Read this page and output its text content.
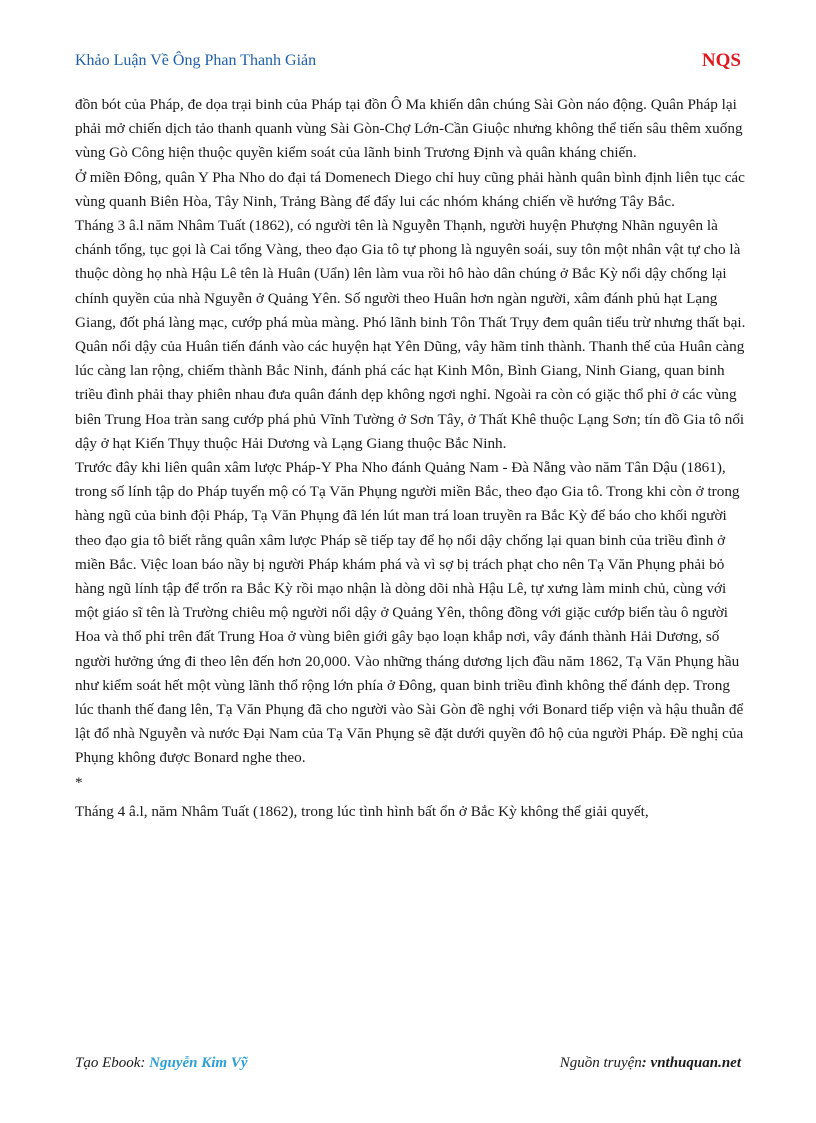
Khảo Luận Về Ông Phan Thanh Giản	NQS

đồn bót của Pháp, đe dọa trại binh của Pháp tại đồn Ô Ma khiến dân chúng Sài Gòn náo động. Quân Pháp lại phải mở chiến dịch tảo thanh quanh vùng Sài Gòn-Chợ Lớn-Cần Giuộc nhưng không thể tiến sâu thêm xuống vùng Gò Công hiện thuộc quyền kiểm soát của lãnh binh Trương Định và quân kháng chiến.

Ở miền Đông, quân Y Pha Nho do đại tá Domenech Diego chỉ huy cũng phải hành quân bình định liên tục các vùng quanh Biên Hòa, Tây Ninh, Trảng Bàng để đẩy lui các nhóm kháng chiến về hướng Tây Bắc.

Tháng 3 â.l năm Nhâm Tuất (1862), có người tên là Nguyễn Thạnh, người huyện Phượng Nhãn nguyên là chánh tổng, tục gọi là Cai tổng Vàng, theo đạo Gia tô tự phong là nguyên soái, suy tôn một nhân vật tự cho là thuộc dòng họ nhà Hậu Lê tên là Huân (Uẩn) lên làm vua rồi hô hào dân chúng ở Bắc Kỳ nổi dậy chống lại chính quyền của nhà Nguyễn ở Quảng Yên. Số người theo Huân hơn ngàn người, xâm đánh phủ hạt Lạng Giang, đốt phá làng mạc, cướp phá mùa màng. Phó lãnh binh Tôn Thất Trụy đem quân tiểu trừ nhưng thất bại. Quân nổi dậy của Huân tiến đánh vào các huyện hạt Yên Dũng, vây hãm tỉnh thành. Thanh thế của Huân càng lúc càng lan rộng, chiếm thành Bắc Ninh, đánh phá các hạt Kinh Môn, Bình Giang, Ninh Giang, quan binh triều đình phải thay phiên nhau đưa quân đánh dẹp không ngơi nghỉ. Ngoài ra còn có giặc thổ phỉ ở các vùng biên Trung Hoa tràn sang cướp phá phủ Vĩnh Tường ở Sơn Tây, ở Thất Khê thuộc Lạng Sơn; tín đồ Gia tô nổi dậy ở hạt Kiến Thụy thuộc Hải Dương và Lạng Giang thuộc Bắc Ninh.

Trước đây khi liên quân xâm lược Pháp-Y Pha Nho đánh Quảng Nam - Đà Nẵng vào năm Tân Dậu (1861), trong số lính tập do Pháp tuyển mộ có Tạ Văn Phụng người miền Bắc, theo đạo Gia tô. Trong khi còn ở trong hàng ngũ của binh đội Pháp, Tạ Văn Phụng đã lén lút man trá loan truyền ra Bắc Kỳ để báo cho khối người theo đạo gia tô biết rằng quân xâm lược Pháp sẽ tiếp tay để họ nổi dậy chống lại quan binh của triều đình ở miền Bắc. Việc loan báo nầy bị người Pháp khám phá và vì sợ bị trách phạt cho nên Tạ Văn Phụng phải bỏ hàng ngũ lính tập để trốn ra Bắc Kỳ rồi mạo nhận là dòng dõi nhà Hậu Lê, tự xưng làm minh chủ, cùng với một giáo sĩ tên là Trường chiêu mộ người nổi dậy ở Quảng Yên, thông đồng với giặc cướp biển tàu ô người Hoa và thổ phỉ trên đất Trung Hoa ở vùng biên giới gây bạo loạn khắp nơi, vây đánh thành Hải Dương, số người hưởng ứng đi theo lên đến hơn 20,000. Vào những tháng dương lịch đầu năm 1862, Tạ Văn Phụng hầu như kiểm soát hết một vùng lãnh thổ rộng lớn phía ở Đông, quan binh triều đình không thể đánh dẹp. Trong lúc thanh thế đang lên, Tạ Văn Phụng đã cho người vào Sài Gòn đề nghị với Bonard tiếp viện và hậu thuẫn để lật đổ nhà Nguyễn và nước Đại Nam của Tạ Văn Phụng sẽ đặt dưới quyền đô hộ của người Pháp. Đề nghị của Phụng không được Bonard nghe theo.

*

Tháng 4 â.l, năm Nhâm Tuất (1862), trong lúc tình hình bất ổn ở Bắc Kỳ không thể giải quyết,

Tạo Ebook: Nguyễn Kim Vỹ	Nguồn truyện: vnthuquan.net
